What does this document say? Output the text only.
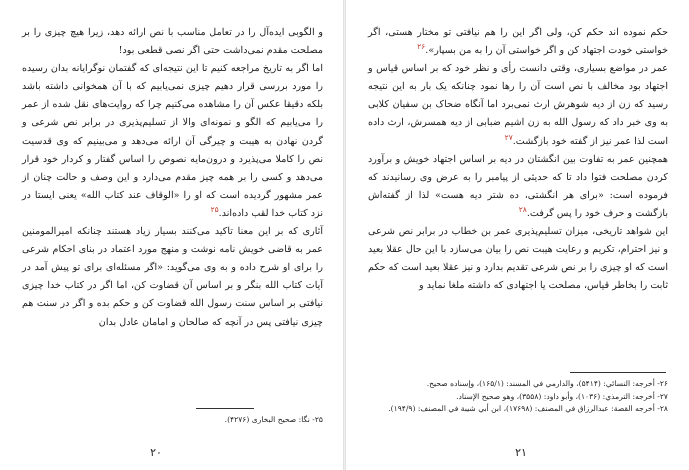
و الگوبی ایده‌آل را در تعامل مناسب با نص ارائه دهد، زیرا هیچ چیزی را بر مصلحت مقدم نمی‌داشت حتی اگر نصی قطعی بود!

اما اگر به تاریخ مراجعه کنیم تا این نتیجه‌ای که گفتمان نوگرایانه بدان رسیده را مورد بررسی قرار دهیم چیزی نمی‌یابیم که با آن همخوانی داشته باشد بلکه دقیقا عکس آن را مشاهده می‌کنیم چرا که روایت‌های نقل شده از عمر را می‌یابیم که الگو و نمونه‌ای والا از تسلیم‌پذیری در برابر نص شرعی و گردن نهادن به هیبت و چیرگی آن ارائه می‌دهد و می‌بینیم که وی قدسیت نص را کاملا می‌پذیرد و درون‌مایه نصوص را اساس گفتار و کردار خود قرار می‌دهد و کسی را بر همه چیز مقدم می‌دارد و این وصف و حالت چنان از عمر مشهور گردیده است که او را «الوقاف عند کتاب الله» یعنی ایستا در نزد کتاب خدا لقب داده‌اند.$^{۲۵}$

آثاری که بر این معنا تاکید می‌کنند بسیار زیاد هستند چنانکه امیرالمومنین عمر به قاضی خویش نامه نوشت و منهج مورد اعتماد در بنای احکام شرعی را برای او شرح داده و به وی می‌گوید: «اگر مسئله‌ای برای تو پیش آمد در آیات کتاب الله بنگر و بر اساس آن قضاوت کن، اما اگر در کتاب خدا چیزی نیافتی بر اساس سنت رسول الله قضاوت کن و حکم بده و اگر در سنت هم چیزی نیافتی پس در آنچه که صالحان و امامان عادل بدان

۲۵- نگا: صحیح البخاری (۴۲۷۶).

۲۰

حکم نموده اند حکم کن، ولی اگر این را هم نیافتی تو مختار هستی، اگر خواستی خودت اجتهاد کن و اگر خواستی آن را به من بسپار».$^{۲۶}$

عمر در مواضع بسیاری، وقتی دانست رأی و نظر خود که بر اساس قیاس و اجتهاد بود مخالف با نص است آن را رها نمود چنانکه یک بار به این نتیجه رسید که زن از دیه شوهرش ارث نمی‌برد اما آنگاه ضحاک بن سفیان کلابی به وی خبر داد که رسول الله به زن اشیم ضبابی از دیه همسرش، ارث داده است لذا عمر نیز از گفته خود بازگشت.$^{۲۷}$

همچنین عمر به تفاوت بین انگشتان در دیه بر اساس اجتهاد خویش و برآورد کردن مصلحت فتوا داد تا که حدیثی از پیامبر را به عرض وی رسانیدند که فرموده است: «برای هر انگشتی، ده شتر دیه هست» لذا از گفته‌اش بازگشت و حرف خود را پس گرفت.$^{۲۸}$

این شواهد تاریخی، میزان تسلیم‌پذیری عمر بن خطاب در برابر نص شرعی و نیز احترام، تکریم و رعایت هیبت نص را بیان می‌سازد با این حال عقلا بعید است که او چیزی را بر نص شرعی تقدیم بدارد و نیز عقلا بعید است که حکم ثابت را بخاطر قیاس، مصلحت یا اجتهادی که داشته ملغا نماید و

۲۶- أخرجه: النسائي: (۵۴۱۴)، والدارمي في المسند: (۱۶۵/۱)، وإسناده صحيح.

۲۷- أخرجه: الترمذي: (۱۰۳۶)، وأبو داود: (۳۵۵۸)، وهو صحيح الإسناد.

۲۸- أخرجه القصة: عبدالرزاق في المصنف: (۱۷۶۹۸)، ابن أبي شيبة في المصنف: (۱۹۴/۹).

۲۱
